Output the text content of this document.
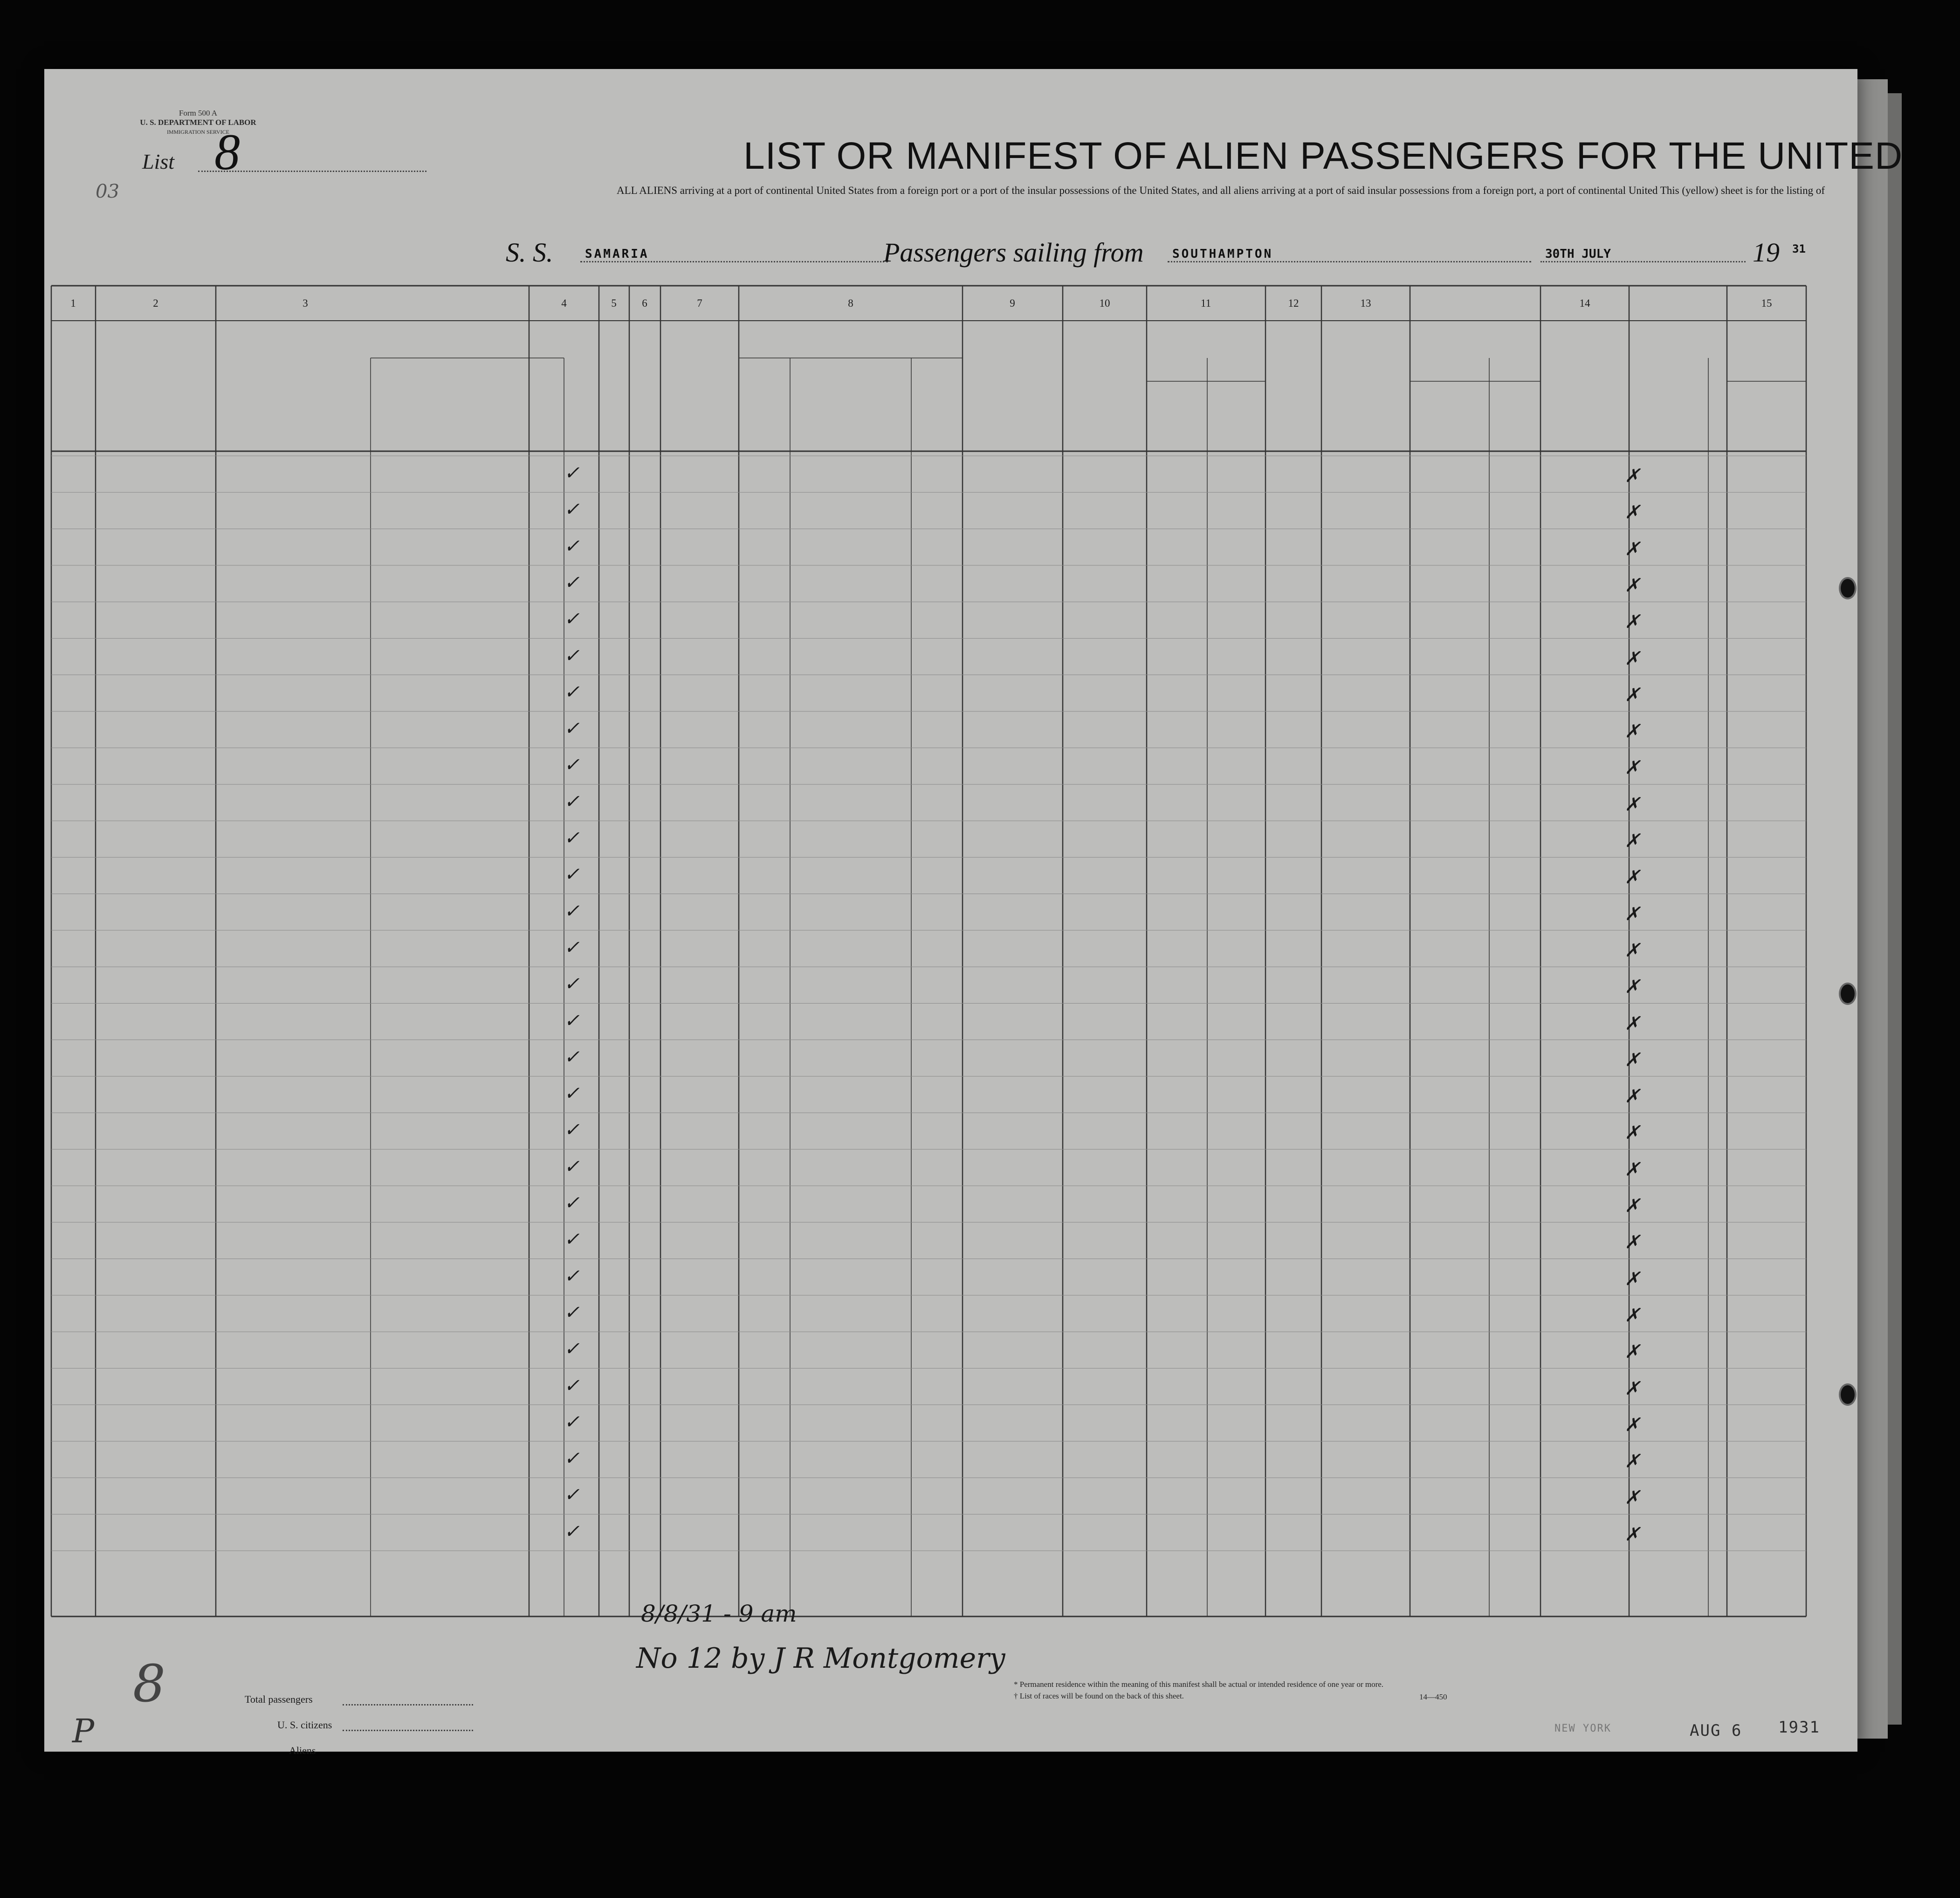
Form 500 A
U. S. DEPARTMENT OF LABOR
IMMIGRATION SERVICE
List 8
03
LIST OR MANIFEST OF ALIEN PASSENGERS FOR THE UNITED
ALL ALIENS arriving at a port of continental United States from a foreign port or a port of the insular possessions of the United States, and all aliens arriving at a port of said insular possessions from a foreign port, a port of continental United This (yellow) sheet is for the listing of
S. S.	SAMARIA	Passengers sailing from SOUTHAMPTON	30TH JULY	19 31
1	2	3	4	5	6	7	8	9	10	11	12	13	14	15
✓	✗
✓	✗
✓	✗
✓	✗
✓	✗
✓	✗
✓	✗
✓	✗
✓	✗
✓	✗
✓	✗
✓	✗
✓	✗
✓	✗
✓	✗
✓	✗
✓	✗
✓	✗
✓	✗
✓	✗
✓	✗
✓	✗
✓	✗
✓	✗
✓	✗
✓	✗
✓	✗
✓	✗
✓	✗
✓	✗
Total passengers
U. S. citizens
Aliens
* Permanent residence within the meaning of this manifest shall be actual or intended residence of one year or more.
† List of races will be found on the back of this sheet.	14—450
8/8/31 - 9 am
No 12 by J R Montgomery
8
P	NEW YORK	AUG 6 1931
